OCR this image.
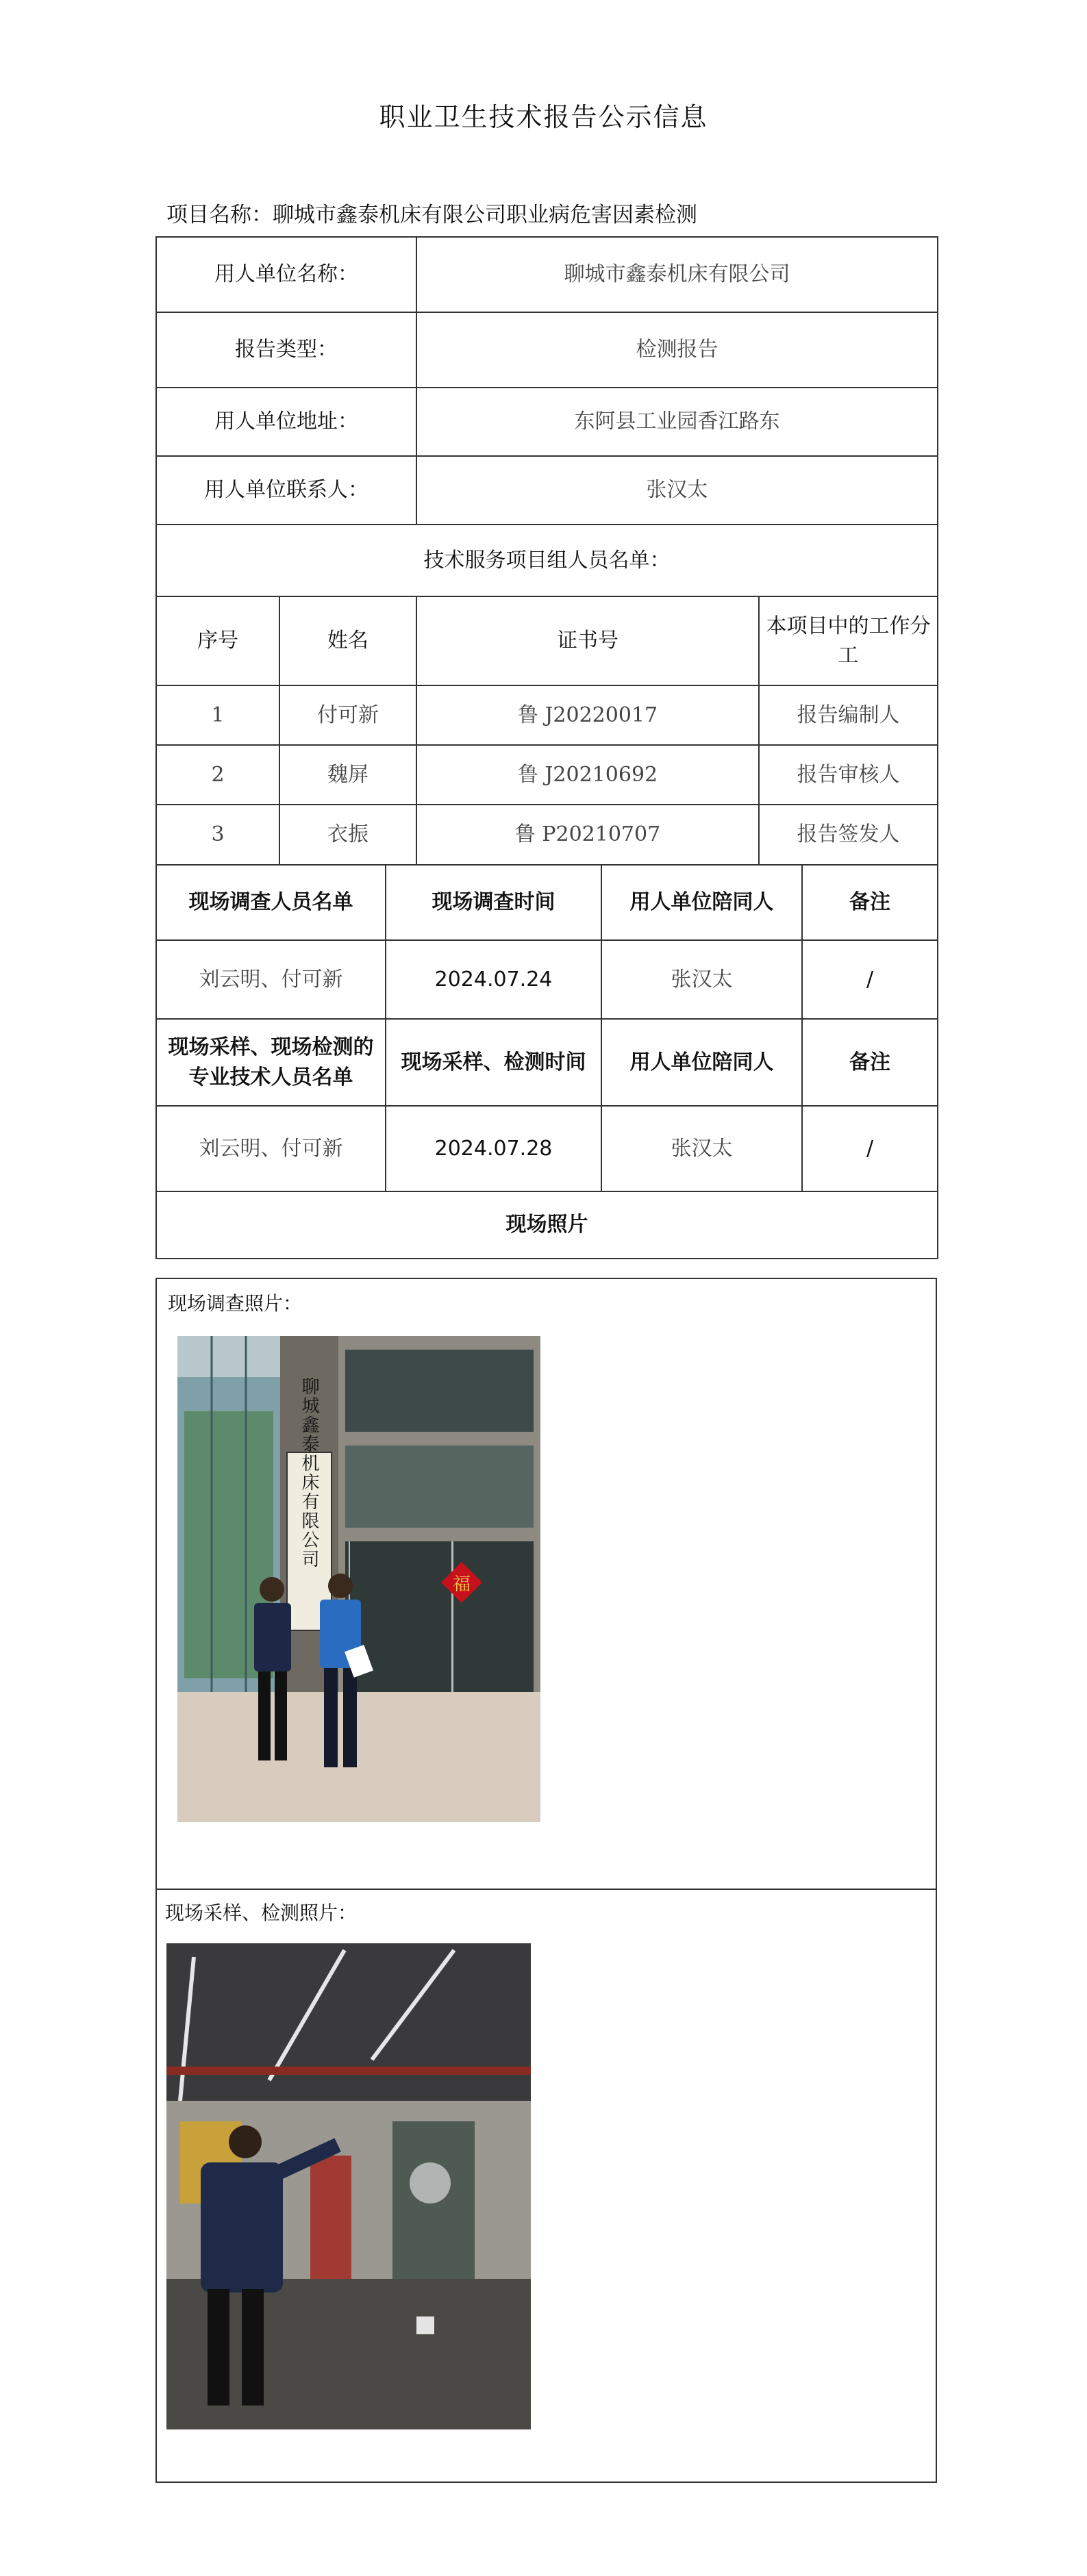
职业卫生技术报告公示信息
项目名称：聊城市鑫泰机床有限公司职业病危害因素检测
用人单位名称：		聊城市鑫泰机床有限公司	
报告类型：		检测报告	
用人单位地址：		东阿县工业园香江路东	
用人单位联系人：		张汉太	
技术服务项目组人员名单：			
序号	姓名	证书号	本项目中的工作分工
1	付可新	鲁 J20220017	报告编制人
2	魏屏	鲁 J20210692	报告审核人
3	衣振	鲁 P20210707	报告签发人
现场调查人员名单	现场调查时间	用人单位陪同人	备注
刘云明、付可新	2024.07.24	张汉太	/
现场采样、现场检测的专业技术人员名单	现场采样、检测时间	用人单位陪同人	备注
刘云明、付可新	2024.07.28	张汉太	/
现场照片			
现场调查照片：
聊城鑫泰机床有限公司
福
现场采样、检测照片：
